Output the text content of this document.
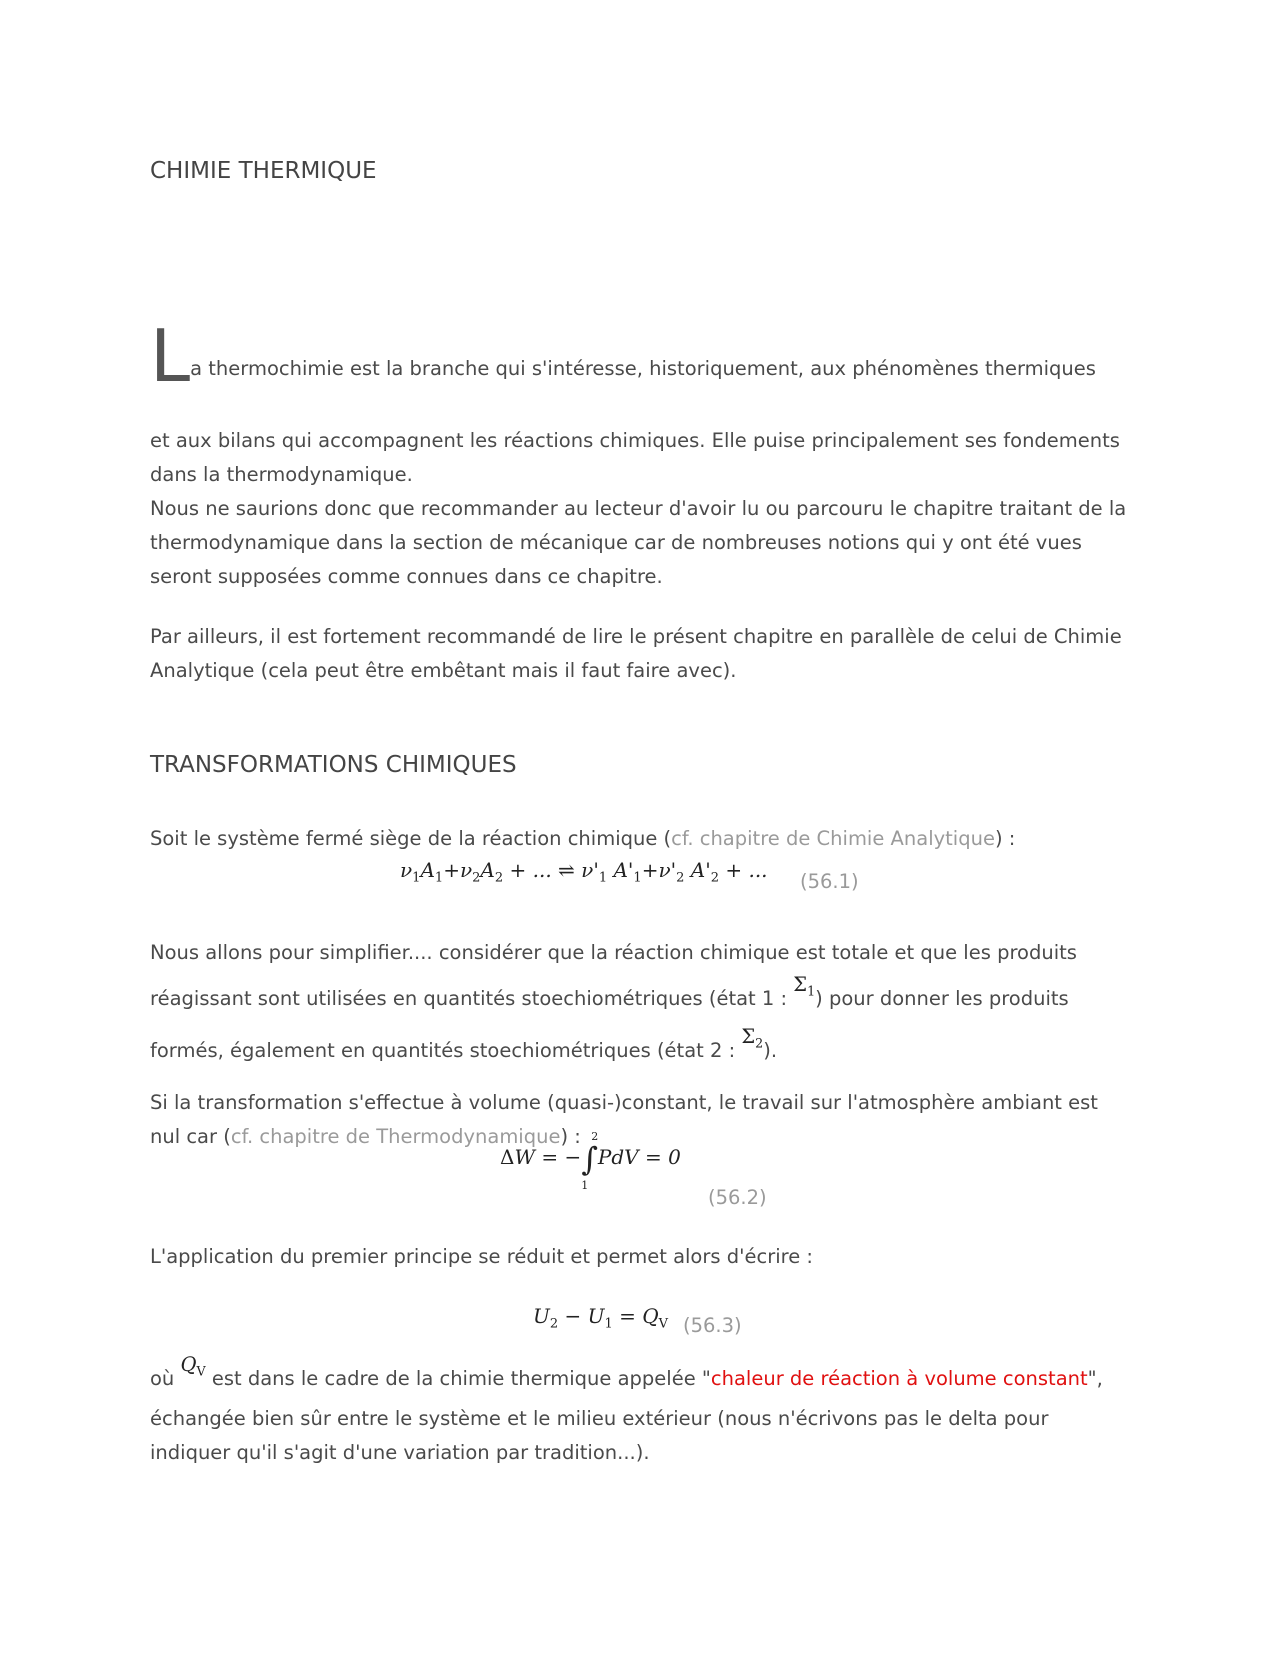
CHIMIE THERMIQUE

La thermochimie est la branche qui s'intéresse, historiquement, aux phénomènes thermiques

et aux bilans qui accompagnent les réactions chimiques. Elle puise principalement ses fondements dans la thermodynamique.

Nous ne saurions donc que recommander au lecteur d'avoir lu ou parcouru le chapitre traitant de la thermodynamique dans la section de mécanique car de nombreuses notions qui y ont été vues seront supposées comme connues dans ce chapitre.

Par ailleurs, il est fortement recommandé de lire le présent chapitre en parallèle de celui de Chimie Analytique (cela peut être embêtant mais il faut faire avec).

TRANSFORMATIONS CHIMIQUES

Soit le système fermé siège de la réaction chimique (cf. chapitre de Chimie Analytique) :

$\nu_1A_1+\nu_2A_2$ + ... ⇌ $\nu'_1$ $A'_1+\nu'_2$ $A'_2$ + ... (56.1)

Nous allons pour simplifier.... considérer que la réaction chimique est totale et que les produits réagissant sont utilisées en quantités stoechiométriques (état 1 : $\Sigma_1$) pour donner les produits formés, également en quantités stoechiométriques (état 2 : $\Sigma_2$).

Si la transformation s'effectue à volume (quasi-)constant, le travail sur l'atmosphère ambiant est nul car (cf. chapitre de Thermodynamique) :

ΔW = −∫
2
1
PdV = 0
(56.2)

L'application du premier principe se réduit et permet alors d'écrire :

$U_2 - U_1 = Q_V$ (56.3)

où $Q_V$ est dans le cadre de la chimie thermique appelée "chaleur de réaction à volume constant", échangée bien sûr entre le système et le milieu extérieur (nous n'écrivons pas le delta pour indiquer qu'il s'agit d'une variation par tradition...).
